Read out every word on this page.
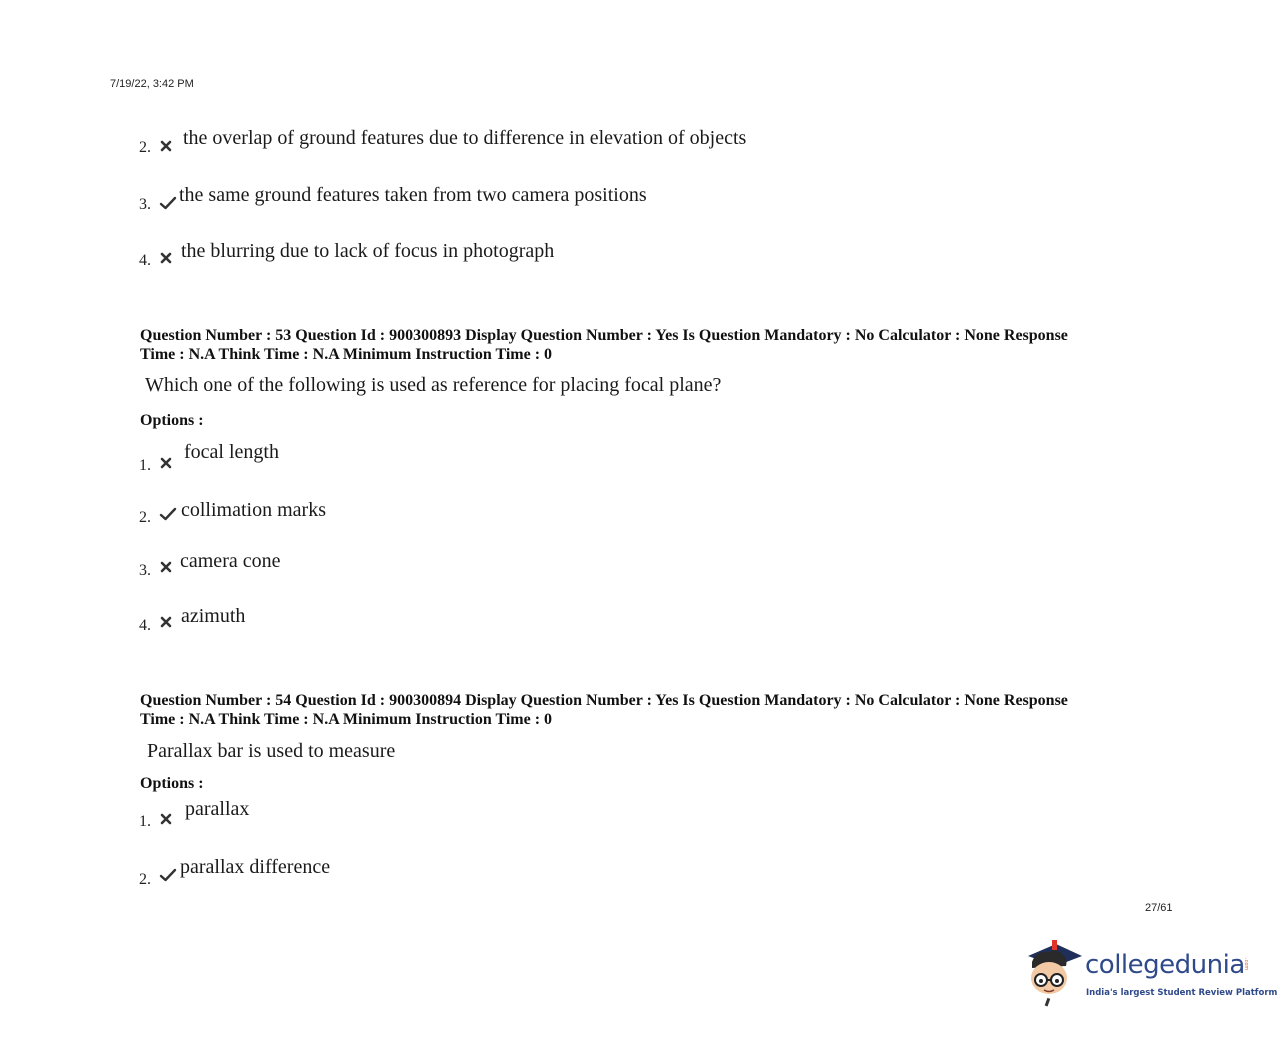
7/19/22, 3:42 PM
2. the overlap of ground features due to difference in elevation of objects
3. the same ground features taken from two camera positions
4. the blurring due to lack of focus in photograph
Question Number : 53 Question Id : 900300893 Display Question Number : Yes Is Question Mandatory : No Calculator : None Response
Time : N.A Think Time : N.A Minimum Instruction Time : 0
Which one of the following is used as reference for placing focal plane?
Options :
1.
focal length
2. collimation marks
3. camera cone
4. azimuth
Question Number : 54 Question Id : 900300894 Display Question Number : Yes Is Question Mandatory : No Calculator : None Response
Time : N.A Think Time : N.A Minimum Instruction Time : 0
Parallax bar is used to measure
Options :
1.
parallax
2.
parallax difference
27/61
collegedunia
.com
India's largest Student Review Platform
